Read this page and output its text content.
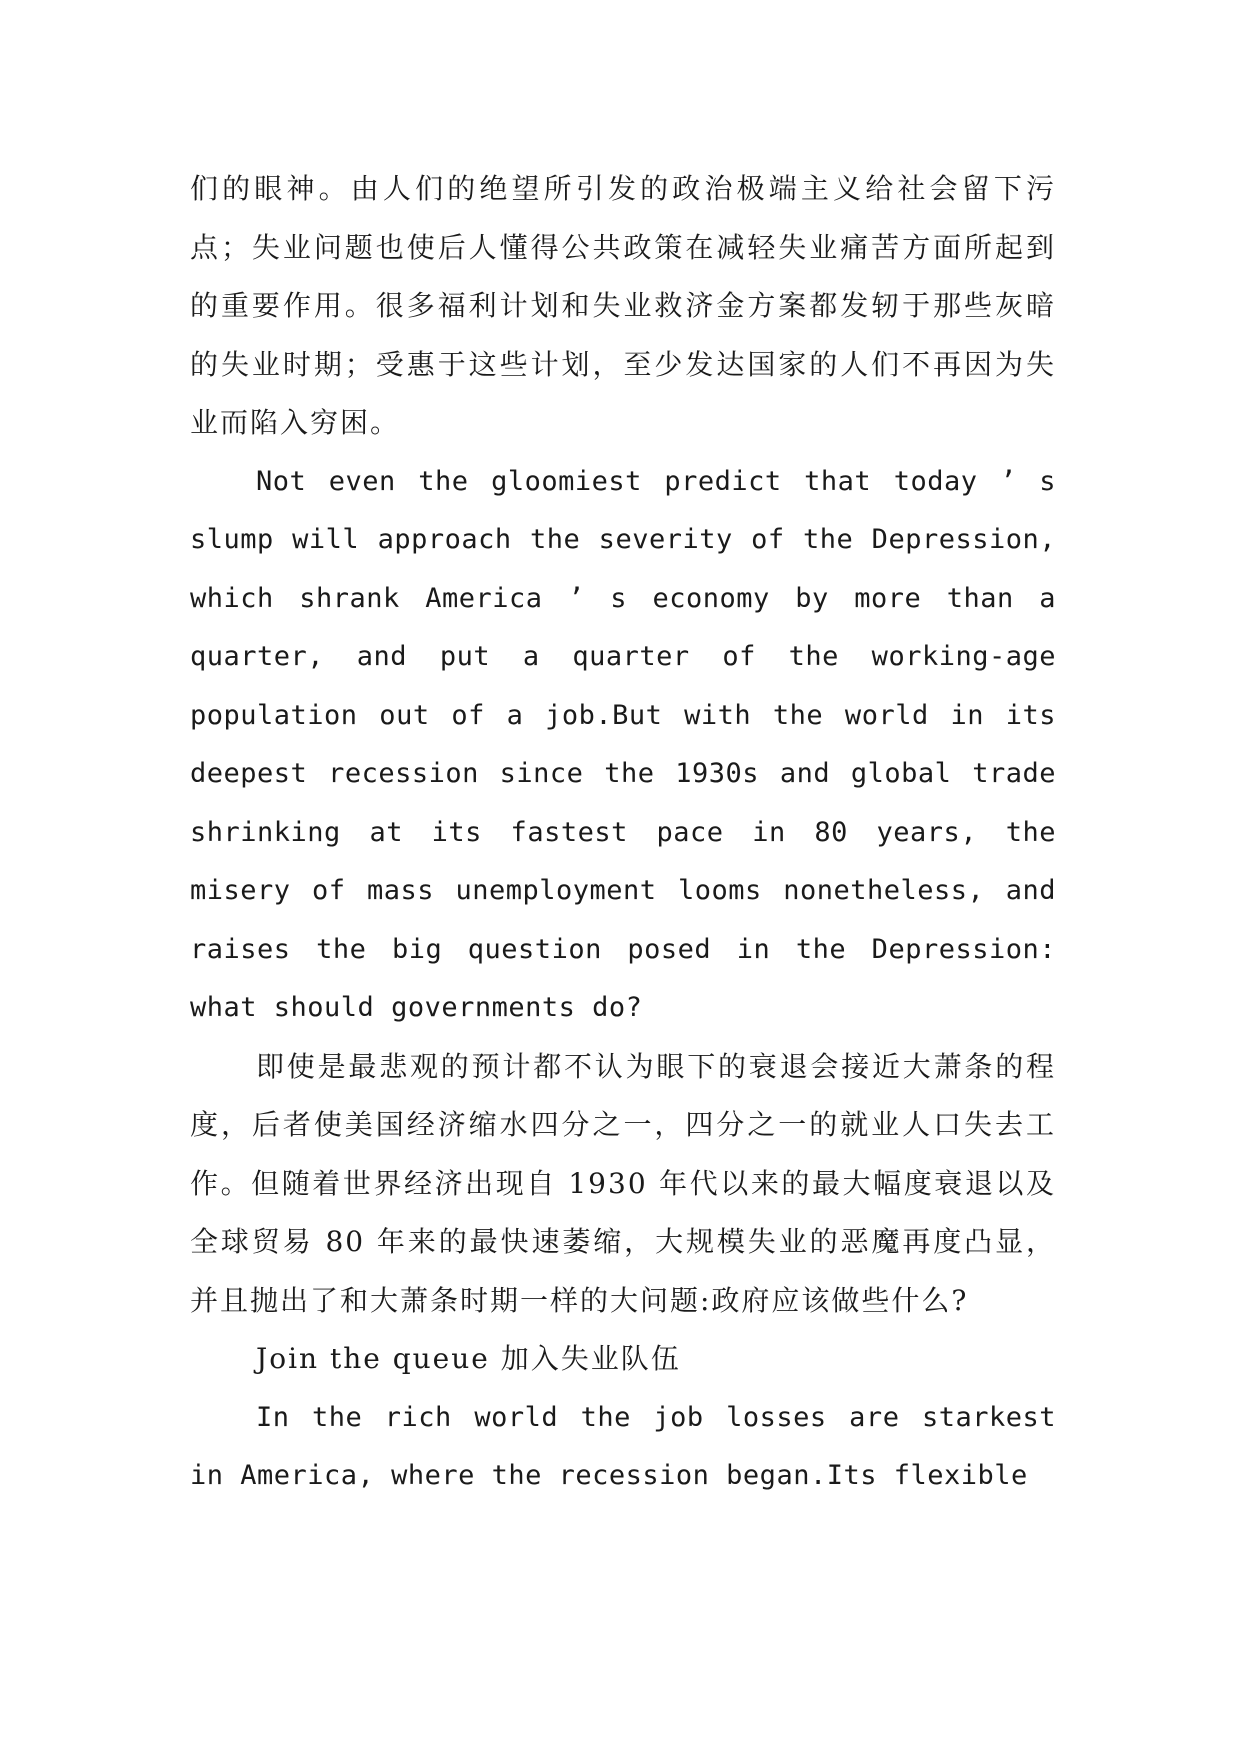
们的眼神。由人们的绝望所引发的政治极端主义给社会留下污点；失业问题也使后人懂得公共政策在减轻失业痛苦方面所起到的重要作用。很多福利计划和失业救济金方案都发轫于那些灰暗的失业时期；受惠于这些计划，至少发达国家的人们不再因为失业而陷入穷困。

Not even the gloomiest predict that today ’ s slump will approach the severity of the Depression, which shrank America ’ s economy by more than a quarter, and put a quarter of the working-age population out of a job.But with the world in its deepest recession since the 1930s and global trade shrinking at its fastest pace in 80 years, the misery of mass unemployment looms nonetheless, and raises the big question posed in the Depression: what should governments do?

即使是最悲观的预计都不认为眼下的衰退会接近大萧条的程度，后者使美国经济缩水四分之一，四分之一的就业人口失去工作。但随着世界经济出现自 1930 年代以来的最大幅度衰退以及全球贸易 80 年来的最快速萎缩，大规模失业的恶魔再度凸显，并且抛出了和大萧条时期一样的大问题:政府应该做些什么?

Join the queue 加入失业队伍

In the rich world the job losses are starkest in America, where the recession began.Its flexible
